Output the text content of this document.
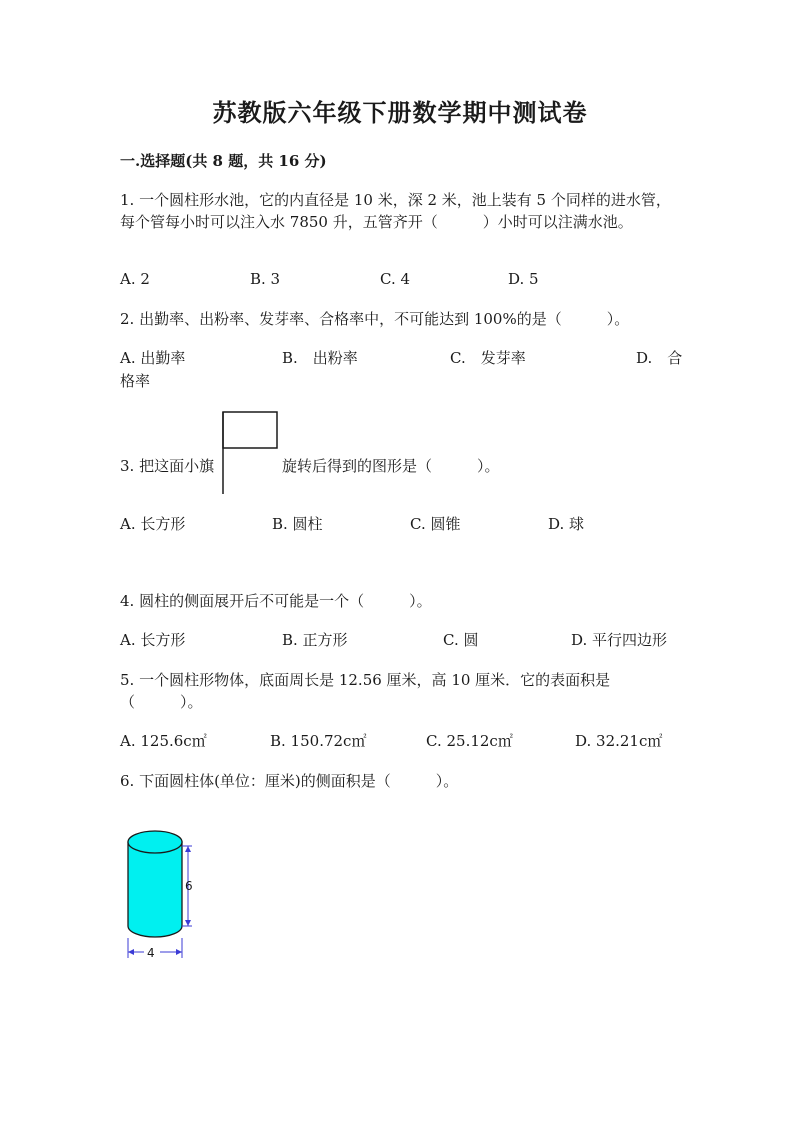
苏教版六年级下册数学期中测试卷
一.选择题(共 8 题，共 16 分)
1. 一个圆柱形水池，它的内直径是 10 米，深 2 米，池上装有 5 个同样的进水管，每个管每小时可以注入水 7850 升，五管齐开（　　　）小时可以注满水池。
A. 2	B. 3	C. 4	D. 5
2. 出勤率、出粉率、发芽率、合格率中，不可能达到 100%的是（　　　）。
A. 出勤率	B.　出粉率	C.　发芽率	D.　合
格率
3. 把这面小旗	旋转后得到的图形是（　　　）。
A. 长方形	B. 圆柱	C. 圆锥	D. 球
4. 圆柱的侧面展开后不可能是一个（　　　）。
A. 长方形	B. 正方形	C. 圆	D. 平行四边形
5. 一个圆柱形物体，底面周长是 12.56 厘米，高 10 厘米．它的表面积是（　　　）。
A. 125.6c㎡	B. 150.72c㎡	C. 25.12c㎡	D. 32.21c㎡
6. 下面圆柱体(单位：厘米)的侧面积是（　　　）。
6
4
